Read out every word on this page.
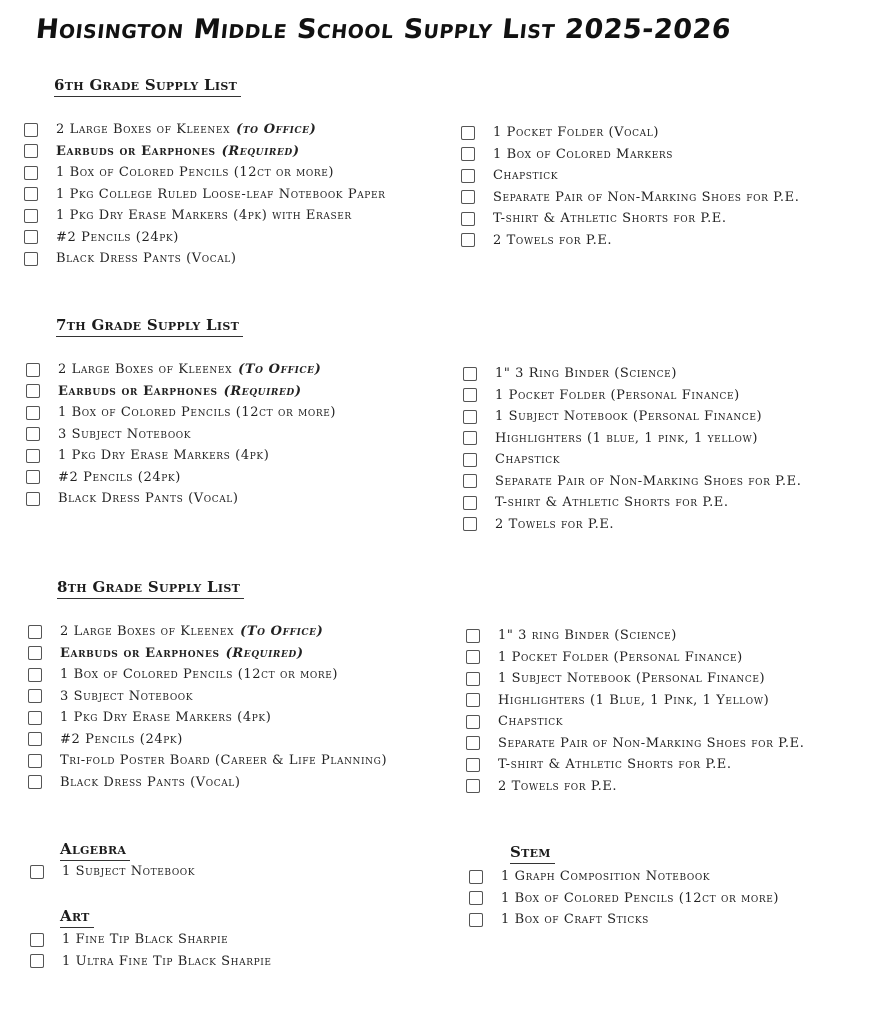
Hoisington Middle School Supply List 2025-2026
6th Grade Supply List
2 Large Boxes of Kleenex (to Office)
Earbuds or Earphones (Required)
1 Box of Colored Pencils (12ct or more)
1 Pkg College Ruled Loose-leaf Notebook Paper
1 Pkg Dry Erase Markers (4pk) with Eraser
#2 Pencils (24pk)
Black Dress Pants (Vocal)
1 Pocket Folder (Vocal)
1 Box of Colored Markers
Chapstick
Separate Pair of Non-Marking Shoes for P.E.
T-shirt & Athletic Shorts for P.E.
2 Towels for P.E.
7th Grade Supply List
2 Large Boxes of Kleenex (To Office)
Earbuds or Earphones (Required)
1 Box of Colored Pencils (12ct or more)
3 Subject Notebook
1 Pkg Dry Erase Markers (4pk)
#2 Pencils (24pk)
Black Dress Pants (Vocal)
1" 3 Ring Binder (Science)
1 Pocket Folder (Personal Finance)
1 Subject Notebook (Personal Finance)
Highlighters (1 blue, 1 pink, 1 yellow)
Chapstick
Separate Pair of Non-Marking Shoes for P.E.
T-shirt & Athletic Shorts for P.E.
2 Towels for P.E.
8th Grade Supply List
2 Large Boxes of Kleenex (To Office)
Earbuds or Earphones (Required)
1 Box of Colored Pencils (12ct or more)
3 Subject Notebook
1 Pkg Dry Erase Markers (4pk)
#2 Pencils (24pk)
Tri-fold Poster Board (Career & Life Planning)
Black Dress Pants (Vocal)
1" 3 ring Binder (Science)
1 Pocket Folder (Personal Finance)
1 Subject Notebook (Personal Finance)
Highlighters (1 Blue, 1 Pink, 1 Yellow)
Chapstick
Separate Pair of Non-Marking Shoes for P.E.
T-shirt & Athletic Shorts for P.E.
2 Towels for P.E.
Algebra
1 Subject Notebook
Art
1 Fine Tip Black Sharpie
1 Ultra Fine Tip Black Sharpie
Stem
1 Graph Composition Notebook
1 Box of Colored Pencils (12ct or more)
1 Box of Craft Sticks
